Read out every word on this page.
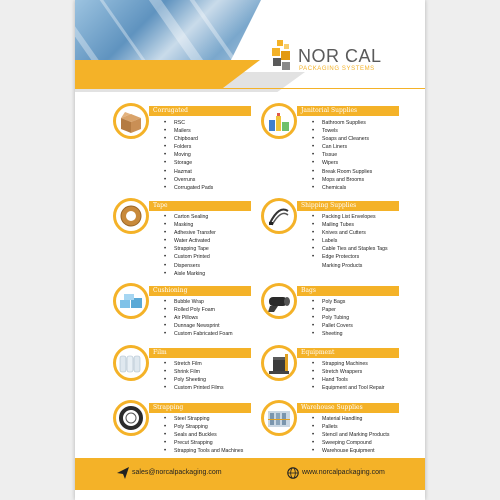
NOR CAL
PACKAGING SYSTEMS
Corrugated
• RSC
• Mailers
• Chipboard
• Folders
• Moving
• Storage
• Hazmat
• Overruns
• Corrugated Pads
Tape
• Carton Sealing
• Masking
• Adhesive Transfer
• Water Activated
• Strapping Tape
• Custom Printed
• Dispensers
• Aisle Marking
Cushioning
• Bubble Wrap
• Rolled Poly Foam
• Air Pillows
• Dunnage Newsprint
• Custom Fabricated Foam
Film
• Stretch Film
• Shrink Film
• Poly Sheeting
• Custom Printed Films
Strapping
• Steel Strapping
• Poly Strapping
• Seals and Buckles
• Precut Strapping
• Strapping Tools and Machines
Janitorial Supplies
• Bathroom Supplies
• Towels
• Soaps and Cleaners
• Can Liners
• Tissue
• Wipers
• Break Room Supplies
• Mops and Brooms
• Chemicals
Shipping Supplies
• Packing List Envelopes
• Mailing Tubes
• Knives and Cutters
• Labels
• Cable Ties and Staples Tags
• Edge Protectors
Marking Products
Bags
• Poly Bags
• Paper
• Poly Tubing
• Pallet Covers
• Sheeting
Equipment
• Strapping Machines
• Stretch Wrappers
• Hand Tools
• Equipment and Tool Repair
Warehouse Supplies
• Material Handling
• Pallets
• Stencil and Marking Products
• Sweeping Compound
• Warehouse Equipment
sales@norcalpackaging.com	www.norcalpackaging.com
